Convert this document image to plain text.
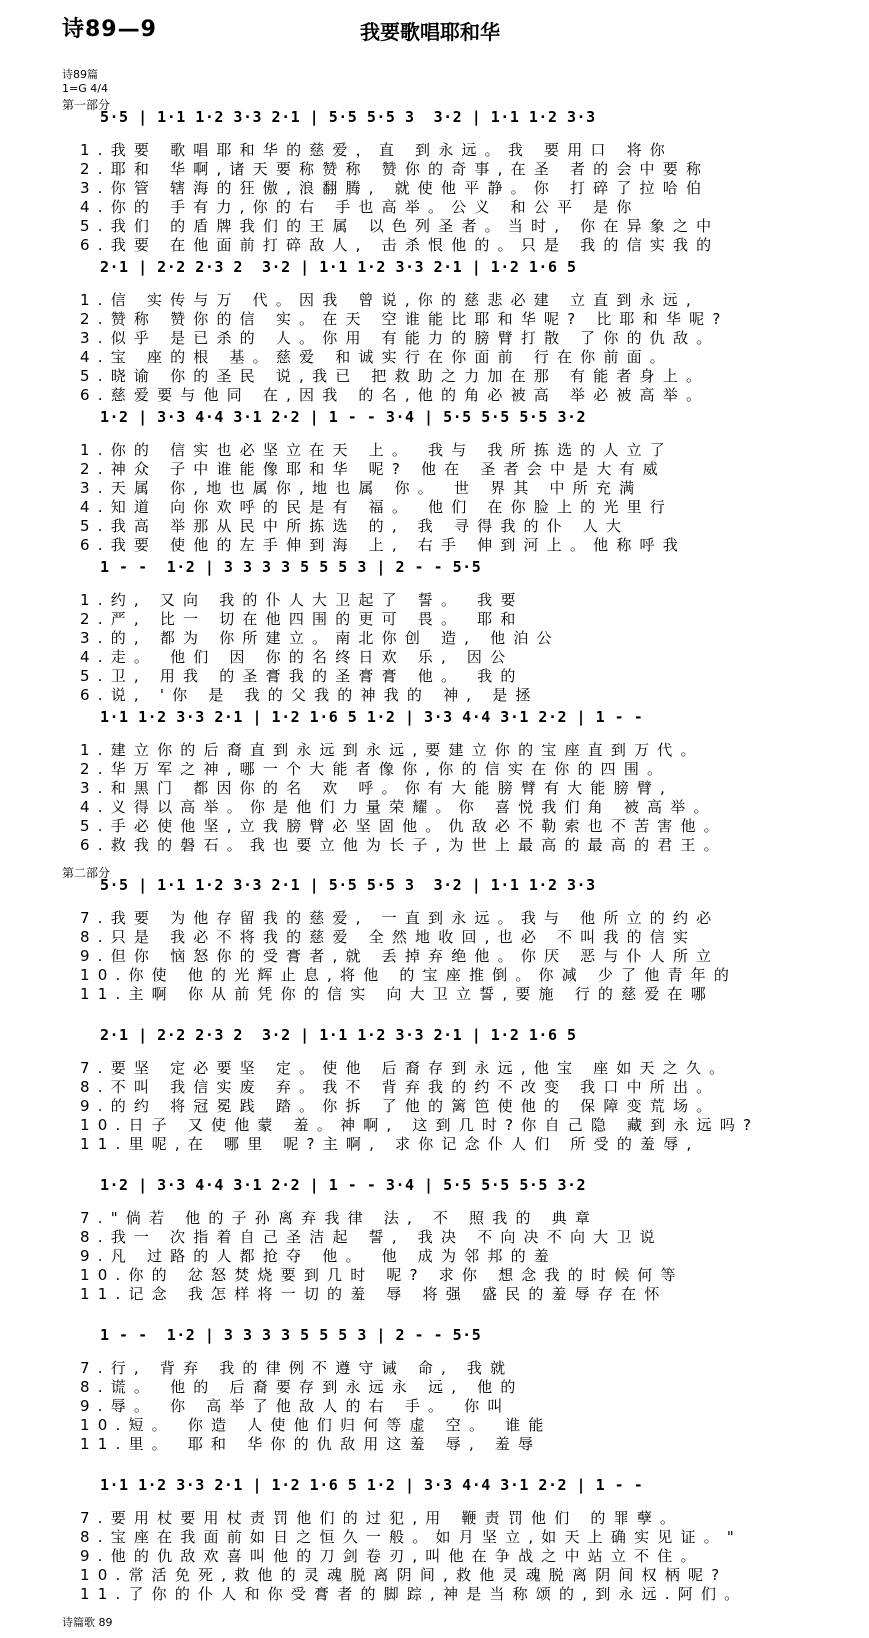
诗89—9	我要歌唱耶和华
诗89篇
1=G 4/4
第一部分
第二部分
5·5 | 1·1 1·2 3·3 2·1 | 5·5 5·5 3  3·2 | 1·1 1·2 3·3
1.我要 歌唱耶和华的慈爱，直 到永远。我 要用口 将你
2.耶和 华啊,诸天要称赞称 赞你的奇事,在圣 者的会中要称
3.你管 辖海的狂傲,浪翻腾, 就使他平静。你 打碎了拉哈伯
4.你的 手有力,你的右 手也高举。公义 和公平 是你
5.我们 的盾牌我们的王属 以色列圣者。当时, 你在异象之中
6.我要 在他面前打碎敌人, 击杀恨他的。只是 我的信实我的
2·1 | 2·2 2·3 2  3·2 | 1·1 1·2 3·3 2·1 | 1·2 1·6 5
1.信 实传与万 代。因我 曾说,你的慈悲必建 立直到永远,
2.赞称 赞你的信 实。在天 空谁能比耶和华呢? 比耶和华呢?
3.似乎 是已杀的 人。你用 有能力的膀臂打散 了你的仇敌。
4.宝 座的根 基。慈爱 和诚实行在你面前 行在你前面。
5.晓谕 你的圣民 说,我已 把救助之力加在那 有能者身上。
6.慈爱要与他同 在,因我 的名,他的角必被高 举必被高举。
1·2 | 3·3 4·4 3·1 2·2 | 1 - - 3·4 | 5·5 5·5 5·5 3·2
1.你的 信实也必坚立在天 上。 我与 我所拣选的人立了
2.神众 子中谁能像耶和华 呢? 他在 圣者会中是大有威
3.天属 你,地也属你,地也属 你。 世 界其 中所充满
4.知道 向你欢呼的民是有 福。 他们 在你脸上的光里行
5.我高 举那从民中所拣选 的, 我 寻得我的仆 人大
6.我要 使他的左手伸到海 上, 右手 伸到河上。他称呼我
1 - -  1·2 | 3 3 3 3 5 5 5 3 | 2 - - 5·5
1.约, 又向 我的仆人大卫起了 誓。 我要
2.严, 比一 切在他四围的更可 畏。 耶和
3.的, 都为 你所建立。南北你创 造, 他泊公
4.走。 他们 因 你的名终日欢 乐, 因公
5.卫, 用我 的圣膏我的圣膏膏 他。 我的
6.说, '你 是 我的父我的神我的 神, 是拯
1·1 1·2 3·3 2·1 | 1·2 1·6 5 1·2 | 3·3 4·4 3·1 2·2 | 1 - -
1.建立你的后裔直到永远到永远,要建立你的宝座直到万代。
2.华万军之神,哪一个大能者像你,你的信实在你的四围。
3.和黑门 都因你的名 欢 呼。你有大能膀臂有大能膀臂,
4.义得以高举。你是他们力量荣耀。你 喜悦我们角 被高举。
5.手必使他坚,立我膀臂必坚固他。仇敌必不勒索也不苦害他。
6.救我的磐石。我也要立他为长子,为世上最高的最高的君王。
5·5 | 1·1 1·2 3·3 2·1 | 5·5 5·5 3  3·2 | 1·1 1·2 3·3
7.我要 为他存留我的慈爱, 一直到永远。我与 他所立的约必
8.只是 我必不将我的慈爱 全然地收回,也必 不叫我的信实
9.但你 恼怒你的受膏者,就 丢掉弃绝他。你厌 恶与仆人所立
10.你使 他的光辉止息,将他 的宝座推倒。你减 少了他青年的
11.主啊 你从前凭你的信实 向大卫立誓,要施 行的慈爱在哪
2·1 | 2·2 2·3 2  3·2 | 1·1 1·2 3·3 2·1 | 1·2 1·6 5
7.要坚 定必要坚 定。使他 后裔存到永远,他宝 座如天之久。
8.不叫 我信实废 弃。我不 背弃我的约不改变 我口中所出。
9.的约 将冠冕践 踏。你拆 了他的篱笆使他的 保障变荒场。
10.日子 又使他蒙 羞。神啊, 这到几时?你自己隐 藏到永远吗?
11.里呢,在 哪里 呢?主啊, 求你记念仆人们 所受的羞辱,
1·2 | 3·3 4·4 3·1 2·2 | 1 - - 3·4 | 5·5 5·5 5·5 3·2
7."倘若 他的子孙离弃我律 法, 不 照我的 典章
8.我一 次指着自己圣洁起 誓, 我决 不向决不向大卫说
9.凡 过路的人都抢夺 他。 他 成为邻邦的羞
10.你的 忿怒焚烧要到几时 呢? 求你 想念我的时候何等
11.记念 我怎样将一切的羞 辱 将强 盛民的羞辱存在怀
1 - -  1·2 | 3 3 3 3 5 5 5 3 | 2 - - 5·5
7.行, 背弃 我的律例不遵守诫 命, 我就
8.谎。 他的 后裔要存到永远永 远, 他的
9.辱。 你 高举了他敌人的右 手。 你叫
10.短。 你造 人使他们归何等虚 空。 谁能
11.里。 耶和 华你的仇敌用这羞 辱, 羞辱
1·1 1·2 3·3 2·1 | 1·2 1·6 5 1·2 | 3·3 4·4 3·1 2·2 | 1 - -
7.要用杖要用杖责罚他们的过犯,用 鞭责罚他们 的罪孽。
8.宝座在我面前如日之恒久一般。如月坚立,如天上确实见证。"
9.他的仇敌欢喜叫他的刀剑卷刃,叫他在争战之中站立不住。
10.常活免死,救他的灵魂脱离阴间,救他灵魂脱离阴间权柄呢?
11.了你的仆人和你受膏者的脚踪,神是当称颂的,到永远.阿们。
诗篇歌 89
